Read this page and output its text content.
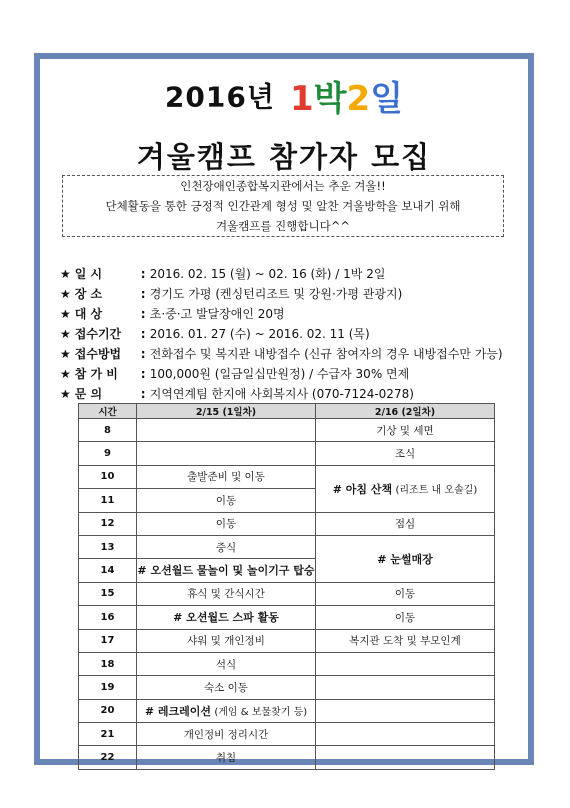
2016년 1박2일
겨울캠프 참가자 모집
인천장애인종합복지관에서는 추운 겨울!!
단체활동을 통한 긍정적 인간관계 형성 및 알찬 겨울방학을 보내기 위해
겨울캠프를 진행합니다^^
★ 일 시	: 2016. 02. 15 (월) ~ 02. 16 (화) / 1박 2일
★ 장 소	: 경기도 가평 (켄싱턴리조트 및 강원·가평 관광지)
★ 대 상	: 초·중·고 발달장애인 20명
★ 접수기간 : 2016. 01. 27 (수) ~ 2016. 02. 11 (목)
★ 접수방법 : 전화접수 및 복지관 내방접수 (신규 참여자의 경우 내방접수만 가능)
★ 참 가 비 : 100,000원 (일금일십만원정) / 수급자 30% 면제
★ 문 의	: 지역연계팀 한지애 사회복지사 (070-7124-0278)
시간	2/15 (1일차)	2/16 (2일차)
8		기상 및 세면
9		조식
10	출발준비 및 이동	# 아침 산책 (리조트 내 오솔길)
11	이동	
12	이동	점심
13	중식	# 눈썰매장
14	# 오션월드 물놀이 및 놀이기구 탑승	
15	휴식 및 간식시간	이동
16	# 오션월드 스파 활동	이동
17	샤워 및 개인정비	복지관 도착 및 부모인계
18	석식	
19	숙소 이동	
20	# 레크레이션 (게임 & 보물찾기 등)	
21	개인정비 정리시간	
22	취침	
